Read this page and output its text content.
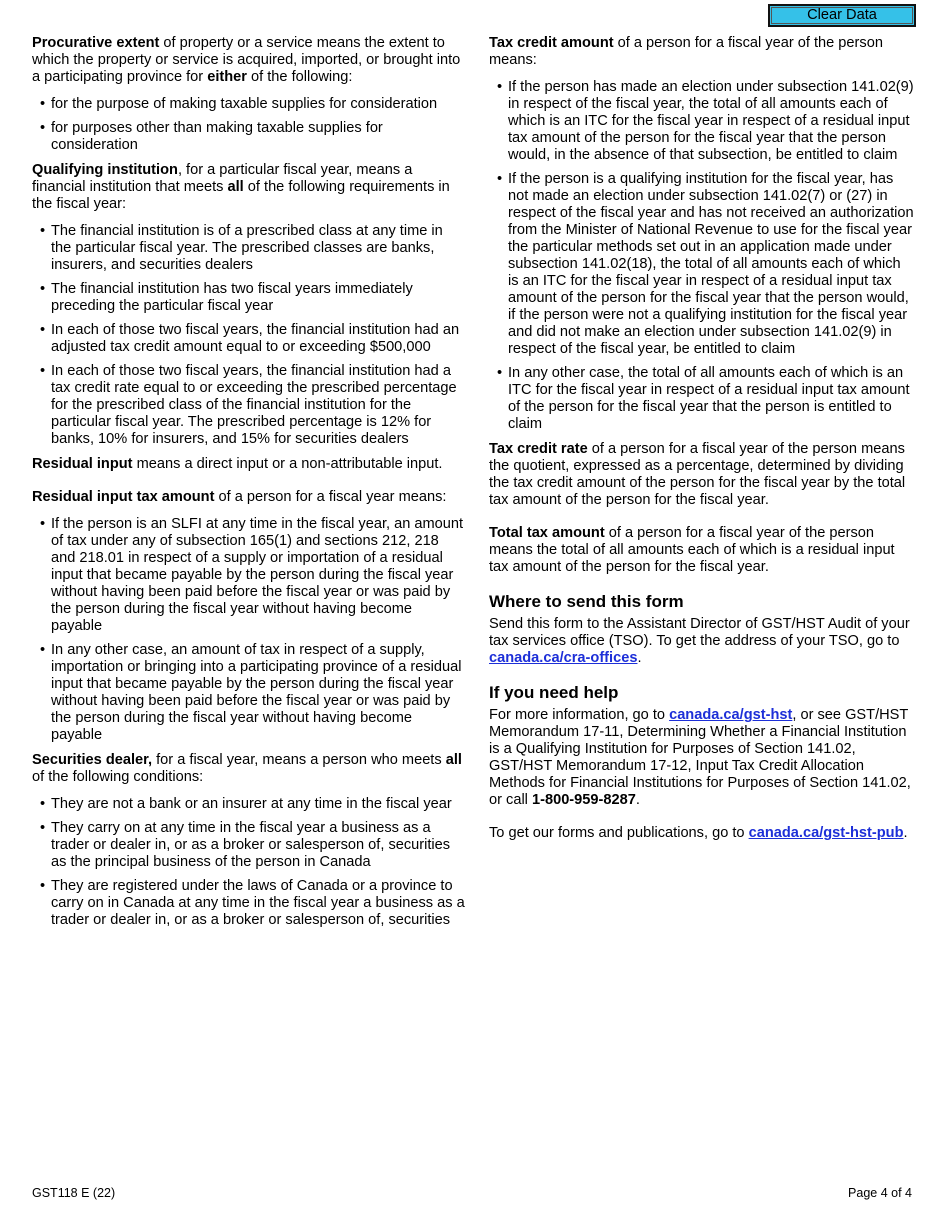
Clear Data

Procurative extent of property or a service means the extent to which the property or service is acquired, imported, or brought into a participating province for either of the following:

• for the purpose of making taxable supplies for consideration
• for purposes other than making taxable supplies for consideration

Qualifying institution, for a particular fiscal year, means a financial institution that meets all of the following requirements in the fiscal year:

• The financial institution is of a prescribed class at any time in the particular fiscal year. The prescribed classes are banks, insurers, and securities dealers
• The financial institution has two fiscal years immediately preceding the particular fiscal year
• In each of those two fiscal years, the financial institution had an adjusted tax credit amount equal to or exceeding $500,000
• In each of those two fiscal years, the financial institution had a tax credit rate equal to or exceeding the prescribed percentage for the prescribed class of the financial institution for the particular fiscal year. The prescribed percentage is 12% for banks, 10% for insurers, and 15% for securities dealers

Residual input means a direct input or a non-attributable input.

Residual input tax amount of a person for a fiscal year means:

• If the person is an SLFI at any time in the fiscal year, an amount of tax under any of subsection 165(1) and sections 212, 218 and 218.01 in respect of a supply or importation of a residual input that became payable by the person during the fiscal year without having been paid before the fiscal year or was paid by the person during the fiscal year without having become payable
• In any other case, an amount of tax in respect of a supply, importation or bringing into a participating province of a residual input that became payable by the person during the fiscal year without having been paid before the fiscal year or was paid by the person during the fiscal year without having become payable

Securities dealer, for a fiscal year, means a person who meets all of the following conditions:

• They are not a bank or an insurer at any time in the fiscal year
• They carry on at any time in the fiscal year a business as a trader or dealer in, or as a broker or salesperson of, securities as the principal business of the person in Canada
• They are registered under the laws of Canada or a province to carry on in Canada at any time in the fiscal year a business as a trader or dealer in, or as a broker or salesperson of, securities

Tax credit amount of a person for a fiscal year of the person means:

• If the person has made an election under subsection 141.02(9) in respect of the fiscal year, the total of all amounts each of which is an ITC for the fiscal year in respect of a residual input tax amount of the person for the fiscal year that the person would, in the absence of that subsection, be entitled to claim
• If the person is a qualifying institution for the fiscal year, has not made an election under subsection 141.02(7) or (27) in respect of the fiscal year and has not received an authorization from the Minister of National Revenue to use for the fiscal year the particular methods set out in an application made under subsection 141.02(18), the total of all amounts each of which is an ITC for the fiscal year in respect of a residual input tax amount of the person for the fiscal year that the person would, if the person were not a qualifying institution for the fiscal year and did not make an election under subsection 141.02(9) in respect of the fiscal year, be entitled to claim
• In any other case, the total of all amounts each of which is an ITC for the fiscal year in respect of a residual input tax amount of the person for the fiscal year that the person is entitled to claim

Tax credit rate of a person for a fiscal year of the person means the quotient, expressed as a percentage, determined by dividing the tax credit amount of the person for the fiscal year by the total tax amount of the person for the fiscal year.

Total tax amount of a person for a fiscal year of the person means the total of all amounts each of which is a residual input tax amount of the person for the fiscal year.

Where to send this form

Send this form to the Assistant Director of GST/HST Audit of your tax services office (TSO). To get the address of your TSO, go to canada.ca/cra-offices.

If you need help

For more information, go to canada.ca/gst-hst, or see GST/HST Memorandum 17-11, Determining Whether a Financial Institution is a Qualifying Institution for Purposes of Section 141.02, GST/HST Memorandum 17-12, Input Tax Credit Allocation Methods for Financial Institutions for Purposes of Section 141.02, or call 1-800-959-8287.

To get our forms and publications, go to canada.ca/gst-hst-pub.

GST118 E (22)	Page 4 of 4
